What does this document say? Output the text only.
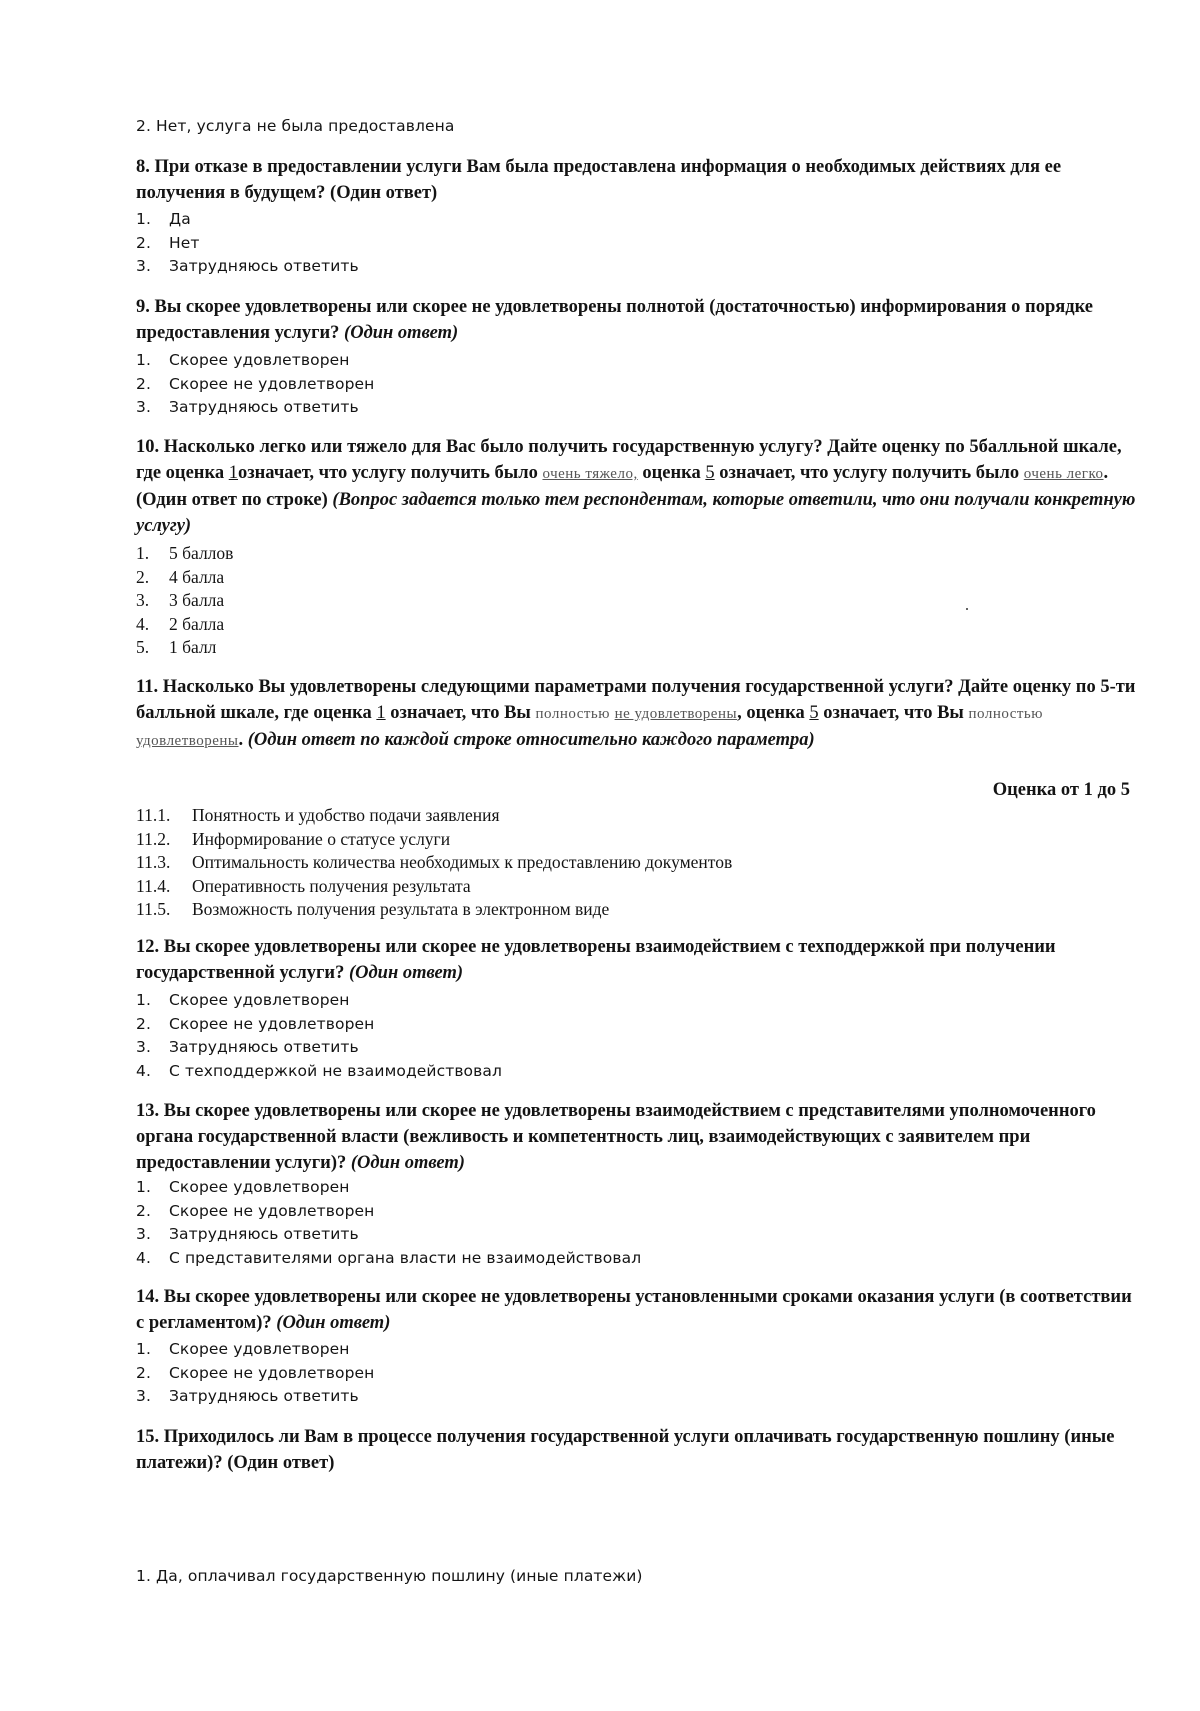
2. Нет, услуга не была предоставлена

8. При отказе в предоставлении услуги Вам была предоставлена информация о необходимых действиях для ее получения в будущем? (Один ответ)

1. Да
2. Нет
3. Затрудняюсь ответить

9. Вы скорее удовлетворены или скорее не удовлетворены полнотой (достаточностью) информирования о порядке предоставления услуги? (Один ответ)

1. Скорее удовлетворен
2. Скорее не удовлетворен
3. Затрудняюсь ответить

10. Насколько легко или тяжело для Вас было получить государственную услугу? Дайте оценку по 5балльной шкале, где оценка 1означает, что услугу получить было очень тяжело, оценка 5 означает, что услугу получить было очень легко. (Один ответ по строке) (Вопрос задается только тем респондентам, которые ответили, что они получали конкретную услугу)

1. 5 баллов
2. 4 балла
3. 3 балла
4. 2 балла
5. 1 балл

11. Насколько Вы удовлетворены следующими параметрами получения государственной услуги? Дайте оценку по 5-ти балльной шкале, где оценка 1 означает, что Вы полностью не удовлетворены, оценка 5 означает, что Вы полностью удовлетворены. (Один ответ по каждой строке относительно каждого параметра)

Оценка от 1 до 5
11.1. Понятность и удобство подачи заявления
11.2. Информирование о статусе услуги
11.3. Оптимальность количества необходимых к предоставлению документов
11.4. Оперативность получения результата
11.5. Возможность получения результата в электронном виде

12. Вы скорее удовлетворены или скорее не удовлетворены взаимодействием с техподдержкой при получении государственной услуги? (Один ответ)

1. Скорее удовлетворен
2. Скорее не удовлетворен
3. Затрудняюсь ответить
4. С техподдержкой не взаимодействовал

13. Вы скорее удовлетворены или скорее не удовлетворены взаимодействием с представителями уполномоченного органа государственной власти (вежливость и компетентность лиц, взаимодействующих с заявителем при предоставлении услуги)? (Один ответ)

1. Скорее удовлетворен
2. Скорее не удовлетворен
3. Затрудняюсь ответить
4. С представителями органа власти не взаимодействовал

14. Вы скорее удовлетворены или скорее не удовлетворены установленными сроками оказания услуги (в соответствии с регламентом)? (Один ответ)

1. Скорее удовлетворен
2. Скорее не удовлетворен
3. Затрудняюсь ответить

15. Приходилось ли Вам в процессе получения государственной услуги оплачивать государственную пошлину (иные платежи)? (Один ответ)

1. Да, оплачивал государственную пошлину (иные платежи)
